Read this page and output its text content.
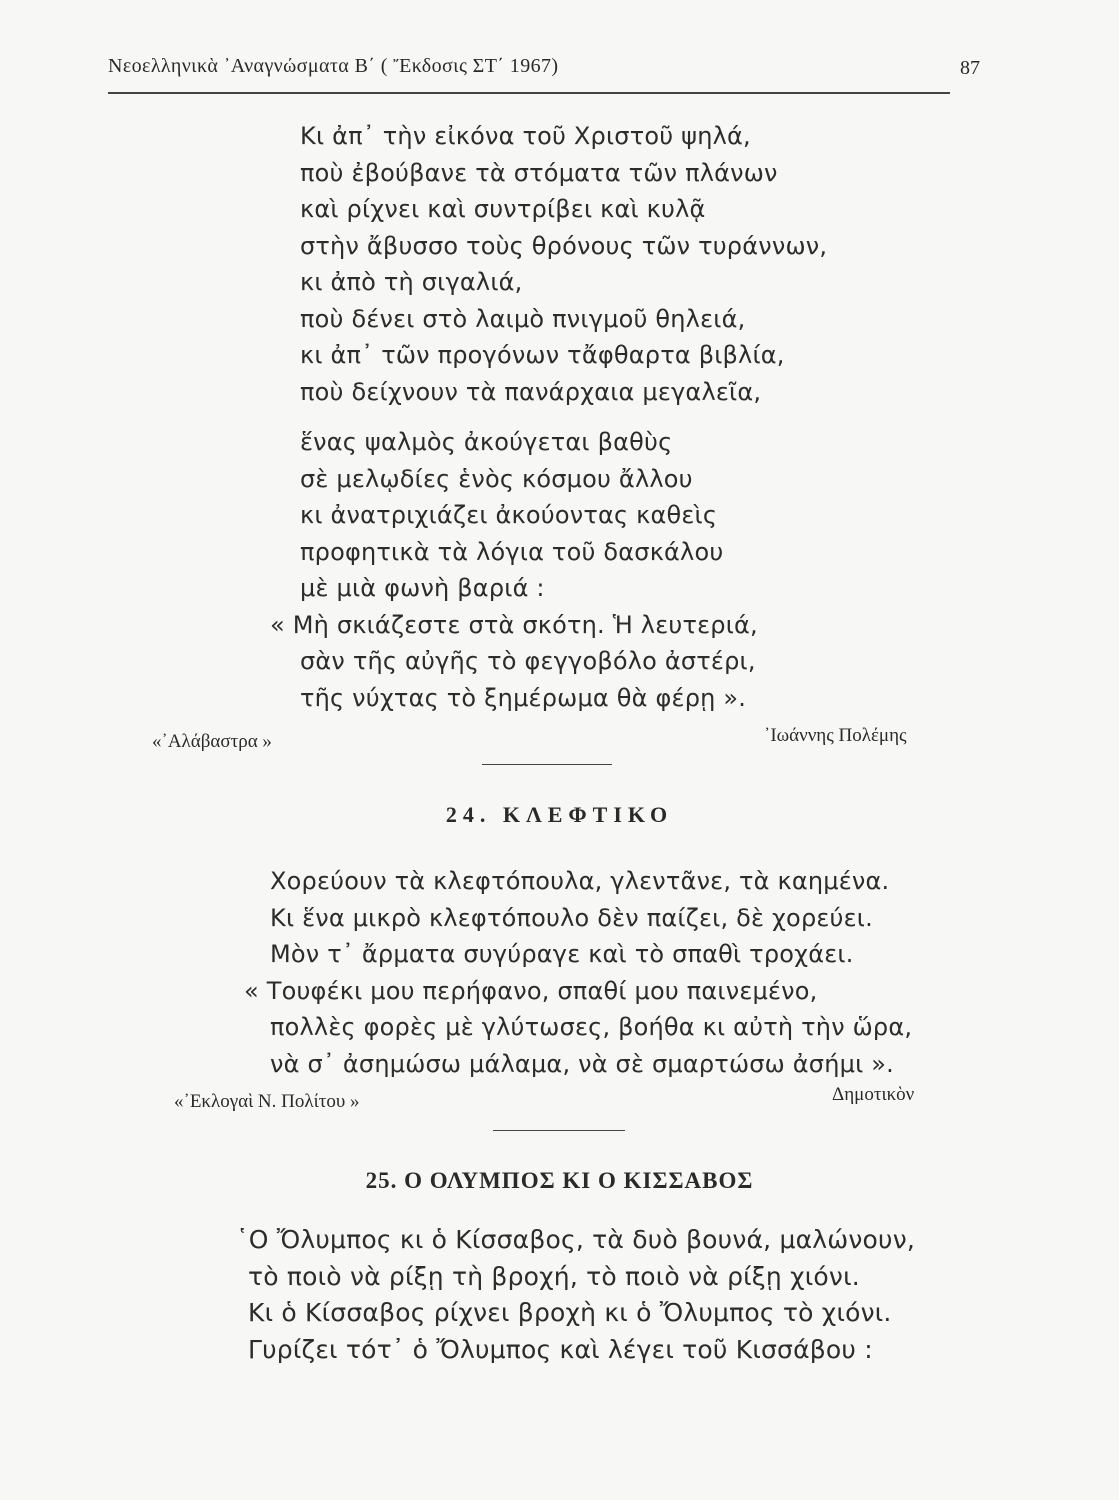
Νεοελληνικὰ ᾿Αναγνώσματα Β΄ ( Ἔκδοσις ΣΤ΄ 1967)	87
Κι ἀπ᾿ τὴν εἰκόνα τοῦ Χριστοῦ ψηλά,
ποὺ ἐβούβανε τὰ στόματα τῶν πλάνων
καὶ ρίχνει καὶ συντρίβει καὶ κυλᾷ
στὴν ἄβυσσο τοὺς θρόνους τῶν τυράννων,
κι ἀπὸ τὴ σιγαλιά,
ποὺ δένει στὸ λαιμὸ πνιγμοῦ θηλειά,
κι ἀπ᾿ τῶν προγόνων τἄφθαρτα βιβλία,
ποὺ δείχνουν τὰ πανάρχαια μεγαλεῖα,
ἕνας ψαλμὸς ἀκούγεται βαθὺς
σὲ μελῳδίες ἑνὸς κόσμου ἄλλου
κι ἀνατριχιάζει ἀκούοντας καθεὶς
προφητικὰ τὰ λόγια τοῦ δασκάλου
μὲ μιὰ φωνὴ βαριά :
« Μὴ σκιάζεστε στὰ σκότη. Ἡ λευτεριά,
σὰν τῆς αὐγῆς τὸ φεγγοβόλο ἀστέρι,
τῆς νύχτας τὸ ξημέρωμα θὰ φέρῃ ».
«᾿Αλάβαστρα »	᾿Ιωάννης Πολέμης
24. ΚΛΕΦΤΙΚΟ
Χορεύουν τὰ κλεφτόπουλα, γλεντᾶνε, τὰ καημένα.
Κι ἕνα μικρὸ κλεφτόπουλο δὲν παίζει, δὲ χορεύει.
Μὸν τ᾿ ἄρματα συγύραγε καὶ τὸ σπαθὶ τροχάει.
« Τουφέκι μου περήφανο, σπαθί μου παινεμένο,
πολλὲς φορὲς μὲ γλύτωσες, βοήθα κι αὐτὴ τὴν ὥρα,
νὰ σ᾿ ἀσημώσω μάλαμα, νὰ σὲ σμαρτώσω ἀσήμι ».
«᾿Εκλογαὶ Ν. Πολίτου »	Δημοτικὸν
25. Ο ΟΛΥΜΠΟΣ ΚΙ Ο ΚΙΣΣΑΒΟΣ
῾Ο Ὄλυμπος κι ὁ Κίσσαβος, τὰ δυὸ βουνά, μαλώνουν,
τὸ ποιὸ νὰ ρίξῃ τὴ βροχή, τὸ ποιὸ νὰ ρίξῃ χιόνι.
Κι ὁ Κίσσαβος ρίχνει βροχὴ κι ὁ Ὄλυμπος τὸ χιόνι.
Γυρίζει τότ᾿ ὁ Ὄλυμπος καὶ λέγει τοῦ Κισσάβου :
